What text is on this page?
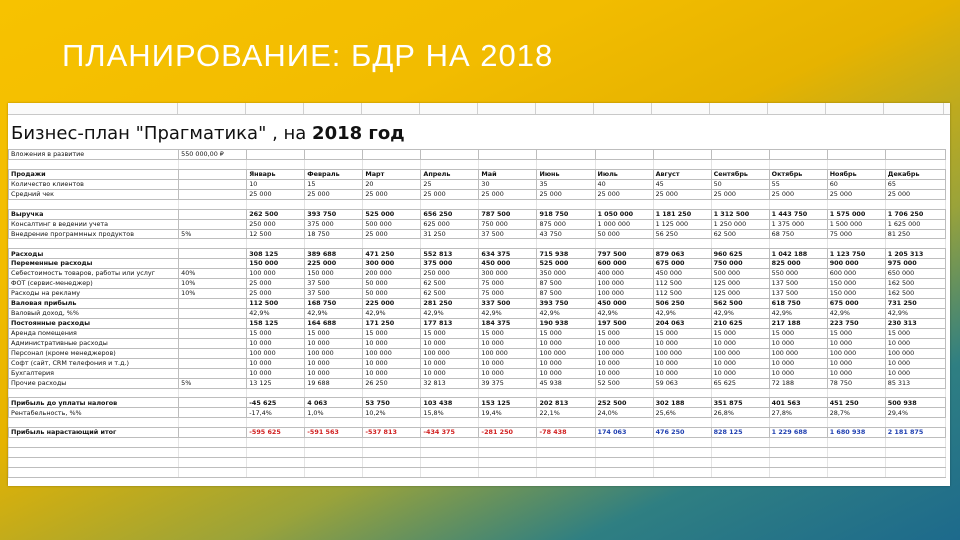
ПЛАНИРОВАНИЕ: БДР НА 2018
Бизнес-план "Прагматика" , на 2018 год
Вложения в развитие	550 000,00 ₽												

Продажи		Январь	Февраль	Март	Апрель	Май	Июнь	Июль	Август	Сентябрь	Октябрь	Ноябрь	Декабрь
Количество клиентов		10	15	20	25	30	35	40	45	50	55	60	65
Средний чек		25 000	25 000	25 000	25 000	25 000	25 000	25 000	25 000	25 000	25 000	25 000	25 000

Выручка		262 500	393 750	525 000	656 250	787 500	918 750	1 050 000	1 181 250	1 312 500	1 443 750	1 575 000	1 706 250
Консалтинг в ведении учета		250 000	375 000	500 000	625 000	750 000	875 000	1 000 000	1 125 000	1 250 000	1 375 000	1 500 000	1 625 000
Внедрение программных продуктов	5%	12 500	18 750	25 000	31 250	37 500	43 750	50 000	56 250	62 500	68 750	75 000	81 250

Расходы		308 125	389 688	471 250	552 813	634 375	715 938	797 500	879 063	960 625	1 042 188	1 123 750	1 205 313
Переменные расходы		150 000	225 000	300 000	375 000	450 000	525 000	600 000	675 000	750 000	825 000	900 000	975 000
Себестоимость товаров, работы или услуг	40%	100 000	150 000	200 000	250 000	300 000	350 000	400 000	450 000	500 000	550 000	600 000	650 000
ФОТ (сервис-менеджер)	10%	25 000	37 500	50 000	62 500	75 000	87 500	100 000	112 500	125 000	137 500	150 000	162 500
Расходы на рекламу	10%	25 000	37 500	50 000	62 500	75 000	87 500	100 000	112 500	125 000	137 500	150 000	162 500
Валовая прибыль		112 500	168 750	225 000	281 250	337 500	393 750	450 000	506 250	562 500	618 750	675 000	731 250
Валовый доход, %%		42,9%	42,9%	42,9%	42,9%	42,9%	42,9%	42,9%	42,9%	42,9%	42,9%	42,9%	42,9%
Постоянные расходы		158 125	164 688	171 250	177 813	184 375	190 938	197 500	204 063	210 625	217 188	223 750	230 313
Аренда помещения		15 000	15 000	15 000	15 000	15 000	15 000	15 000	15 000	15 000	15 000	15 000	15 000
Административные расходы		10 000	10 000	10 000	10 000	10 000	10 000	10 000	10 000	10 000	10 000	10 000	10 000
Персонал (кроме менеджеров)		100 000	100 000	100 000	100 000	100 000	100 000	100 000	100 000	100 000	100 000	100 000	100 000
Софт (сайт, CRM телефония и т.д.)		10 000	10 000	10 000	10 000	10 000	10 000	10 000	10 000	10 000	10 000	10 000	10 000
Бухгалтерия		10 000	10 000	10 000	10 000	10 000	10 000	10 000	10 000	10 000	10 000	10 000	10 000
Прочие расходы	5%	13 125	19 688	26 250	32 813	39 375	45 938	52 500	59 063	65 625	72 188	78 750	85 313

Прибыль до уплаты налогов		-45 625	4 063	53 750	103 438	153 125	202 813	252 500	302 188	351 875	401 563	451 250	500 938
Рентабельность, %%		-17,4%	1,0%	10,2%	15,8%	19,4%	22,1%	24,0%	25,6%	26,8%	27,8%	28,7%	29,4%

Прибыль нарастающий итог		-595 625	-591 563	-537 813	-434 375	-281 250	-78 438	174 063	476 250	828 125	1 229 688	1 680 938	2 181 875
